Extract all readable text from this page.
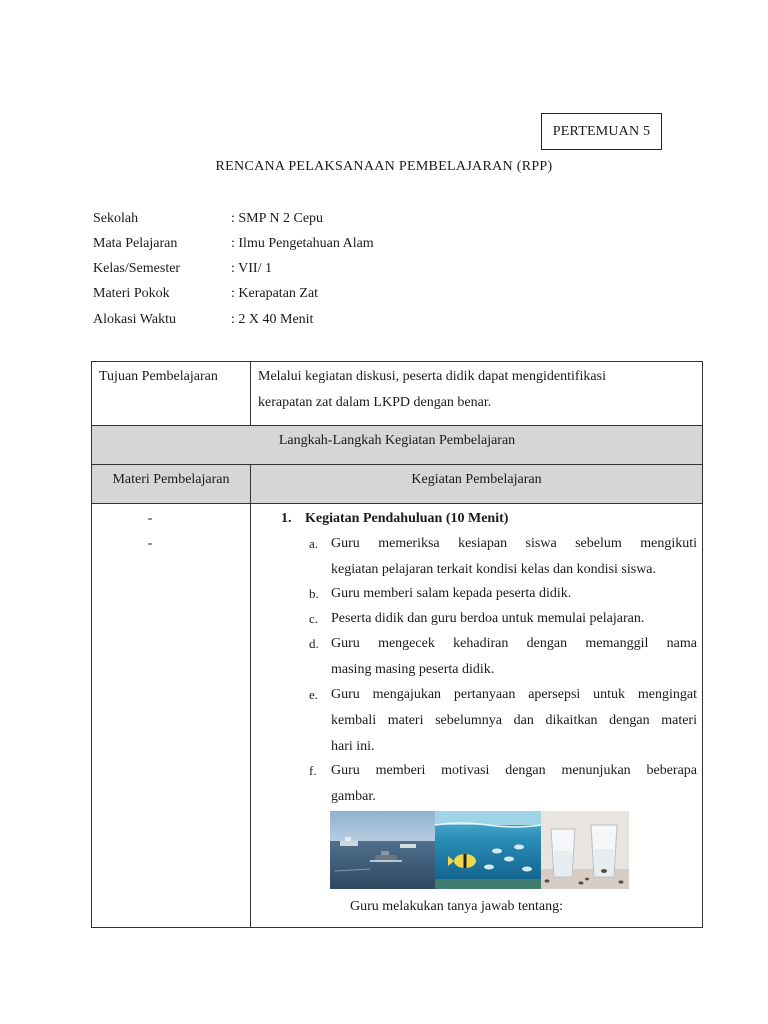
PERTEMUAN 5
RENCANA PELAKSANAAN PEMBELAJARAN (RPP)
Sekolah	: SMP N 2 Cepu
Mata Pelajaran	: Ilmu Pengetahuan Alam
Kelas/Semester	: VII/ 1
Materi Pokok	: Kerapatan Zat
Alokasi Waktu	: 2 X 40 Menit
Tujuan Pembelajaran	Melalui kegiatan diskusi, peserta didik dapat mengidentifikasi
kerapatan zat dalam LKPD dengan benar.
Langkah-Langkah Kegiatan Pembelajaran
Materi Pembelajaran	Kegiatan Pembelajaran
-
-
1. Kegiatan Pendahuluan (10 Menit)
a. Guru memeriksa kesiapan siswa sebelum mengikuti
kegiatan pelajaran terkait kondisi kelas dan kondisi siswa.
b. Guru memberi salam kepada peserta didik.
c. Peserta didik dan guru berdoa untuk memulai pelajaran.
d. Guru mengecek kehadiran dengan memanggil nama
masing masing peserta didik.
e. Guru mengajukan pertanyaan apersepsi untuk mengingat
kembali materi sebelumnya dan dikaitkan dengan materi
hari ini.
f. Guru memberi motivasi dengan menunjukan beberapa
gambar.
Guru melakukan tanya jawab tentang:
